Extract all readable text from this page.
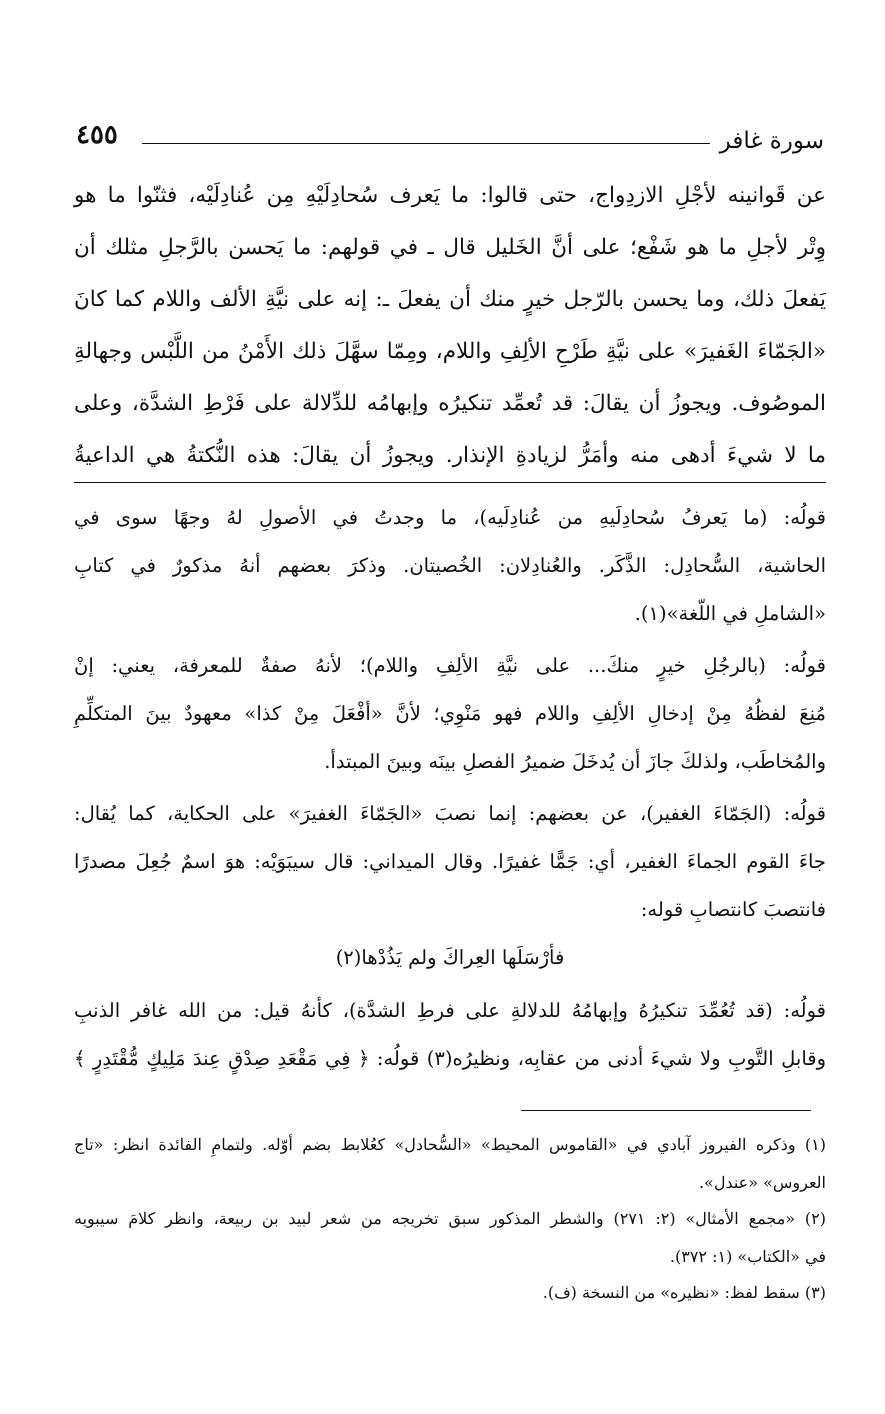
سورة غافر
٤٥٥
عن قَوانينه لأجْلِ الازدِواج، حتى قالوا: ما يَعرف سُحادِلَيْهِ مِن عُنادِلَيْه، فثنّوا ما هو
وِتْر لأجلِ ما هو شَفْع؛ على أنَّ الخَليل قال ـ في قولهم: ما يَحسن بالرَّجلِ مثلك أن
يَفعلَ ذلك، وما يحسن بالرّجل خيرٍ منك أن يفعلَ ـ: إنه على نيَّةِ الألف واللام كما كانَ
«الجَمّاءَ الغَفيرَ» على نيَّةِ طَرْحِ الألِفِ واللام، ومِمّا سهَّلَ ذلك الأَمْنُ من اللَّبْس وجهالةِ
الموصُوف. ويجوزُ أن يقالَ: قد تُعمِّد تنكيرُه وإبهامُه للدِّلالة على فَرْطِ الشدَّة، وعلى
ما لا شيءَ أدهى منه وأمَرُّ لزيادةِ الإنذار. ويجوزُ أن يقالَ: هذه النُّكتةُ هي الداعيةُ
قولُه: (ما يَعرفُ سُحادِلَيهِ من عُنادِلَيه)، ما وجدتُ في الأصولِ لهُ وجهًا سوى في
الحاشية، السُّحادِل: الذَّكَر. والعُنادِلان: الخُصيتان. وذكرَ بعضهم أنهُ مذكورٌ في كتابِ
«الشاملِ في اللّغة»(١).
قولُه: (بالرجُلِ خيرٍ منكَ... على نيَّةِ الألِفِ واللام)؛ لأنهُ صفةٌ للمعرفة، يعني: إنْ
مُنِعَ لفظُهُ مِنْ إدخالِ الألِفِ واللام فهو مَنْوِي؛ لأنَّ «أفْعَلَ مِنْ كذا» معهودٌ بينَ المتكلِّمِ
والمُخاطَب، ولذلكَ جازَ أن يُدخَلَ ضميرُ الفصلِ بينَه وبينَ المبتدأ.
قولُه: (الجَمّاءَ الغفير)، عن بعضهم: إنما نصبَ «الجَمّاءَ الغفيرَ» على الحكاية، كما يُقال:
جاءَ القوم الجماءَ الغفير، أي: جَمًّا غفيرًا. وقال الميداني: قال سيبَوَيْه: هوَ اسمٌ جُعِلَ مصدرًا
فانتصبَ كانتصابِ قوله:
فأرْسَلَها العِراكَ ولم يَذُدْها(٢)
قولُه: (قد تُعُمِّدَ تنكيرُهُ وإبهامُهُ للدلالةِ على فرطِ الشدَّة)، كأنهُ قيل: من الله غافر الذنبِ
وقابلِ التَّوبِ ولا شيءَ أدنى من عقابِه، ونظيرُه(٣) قولُه: ﴿ فِي مَقْعَدِ صِدْقٍ عِندَ مَلِيكٍ مُّقْتَدِرٍ ﴾
(١) وذكره الفيروز آبادي في «القاموس المحيط» «السُّحادل» كعُلابط بضم أوّله. ولتمامِ الفائدة انظر: «تاج
العروس» «عندل».
(٢) «مجمع الأمثال» (٢: ٢٧١) والشطر المذكور سبق تخريجه من شعر لبيد بن ربيعة، وانظر كلامَ سيبويه
في «الكتاب» (١: ٣٧٢).
(٣) سقط لفظ: «نظيره» من النسخة (ف).
